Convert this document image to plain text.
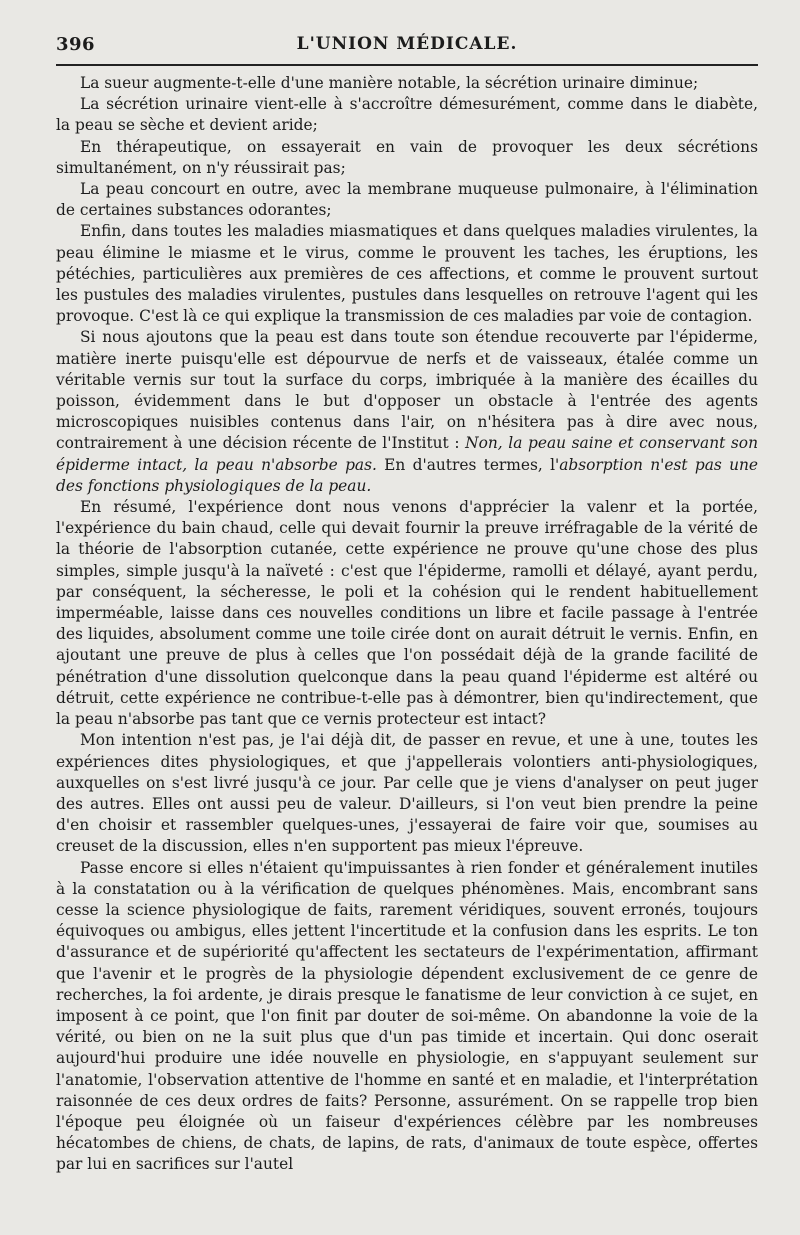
396	L'UNION MÉDICALE.

La sueur augmente-t-elle d'une manière notable, la sécrétion urinaire diminue;

La sécrétion urinaire vient-elle à s'accroître démesurément, comme dans le diabète, la peau se sèche et devient aride;

En thérapeutique, on essayerait en vain de provoquer les deux sécrétions simultanément, on n'y réussirait pas;

La peau concourt en outre, avec la membrane muqueuse pulmonaire, à l'élimination de certaines substances odorantes;

Enfin, dans toutes les maladies miasmatiques et dans quelques maladies virulentes, la peau élimine le miasme et le virus, comme le prouvent les taches, les éruptions, les pétéchies, particulières aux premières de ces affections, et comme le prouvent surtout les pustules des maladies virulentes, pustules dans lesquelles on retrouve l'agent qui les provoque. C'est là ce qui explique la transmission de ces maladies par voie de contagion.

Si nous ajoutons que la peau est dans toute son étendue recouverte par l'épiderme, matière inerte puisqu'elle est dépourvue de nerfs et de vaisseaux, étalée comme un véritable vernis sur tout la surface du corps, imbriquée à la manière des écailles du poisson, évidemment dans le but d'opposer un obstacle à l'entrée des agents microscopiques nuisibles contenus dans l'air, on n'hésitera pas à dire avec nous, contrairement à une décision récente de l'Institut : Non, la peau saine et conservant son épiderme intact, la peau n'absorbe pas. En d'autres termes, l'absorption n'est pas une des fonctions physiologiques de la peau.

En résumé, l'expérience dont nous venons d'apprécier la valenr et la portée, l'expérience du bain chaud, celle qui devait fournir la preuve irréfragable de la vérité de la théorie de l'absorption cutanée, cette expérience ne prouve qu'une chose des plus simples, simple jusqu'à la naïveté : c'est que l'épiderme, ramolli et délayé, ayant perdu, par conséquent, la sécheresse, le poli et la cohésion qui le rendent habituellement imperméable, laisse dans ces nouvelles conditions un libre et facile passage à l'entrée des liquides, absolument comme une toile cirée dont on aurait détruit le vernis. Enfin, en ajoutant une preuve de plus à celles que l'on possédait déjà de la grande facilité de pénétration d'une dissolution quelconque dans la peau quand l'épiderme est altéré ou détruit, cette expérience ne contribue-t-elle pas à démontrer, bien qu'indirectement, que la peau n'absorbe pas tant que ce vernis protecteur est intact?

Mon intention n'est pas, je l'ai déjà dit, de passer en revue, et une à une, toutes les expériences dites physiologiques, et que j'appellerais volontiers anti-physiologiques, auxquelles on s'est livré jusqu'à ce jour. Par celle que je viens d'analyser on peut juger des autres. Elles ont aussi peu de valeur. D'ailleurs, si l'on veut bien prendre la peine d'en choisir et rassembler quelques-unes, j'essayerai de faire voir que, soumises au creuset de la discussion, elles n'en supportent pas mieux l'épreuve.

Passe encore si elles n'étaient qu'impuissantes à rien fonder et généralement inutiles à la constatation ou à la vérification de quelques phénomènes. Mais, encombrant sans cesse la science physiologique de faits, rarement véridiques, souvent erronés, toujours équivoques ou ambigus, elles jettent l'incertitude et la confusion dans les esprits. Le ton d'assurance et de supériorité qu'affectent les sectateurs de l'expérimentation, affirmant que l'avenir et le progrès de la physiologie dépendent exclusivement de ce genre de recherches, la foi ardente, je dirais presque le fanatisme de leur conviction à ce sujet, en imposent à ce point, que l'on finit par douter de soi-même. On abandonne la voie de la vérité, ou bien on ne la suit plus que d'un pas timide et incertain. Qui donc oserait aujourd'hui produire une idée nouvelle en physiologie, en s'appuyant seulement sur l'anatomie, l'observation attentive de l'homme en santé et en maladie, et l'interprétation raisonnée de ces deux ordres de faits? Personne, assurément. On se rappelle trop bien l'époque peu éloignée où un faiseur d'expériences célèbre par les nombreuses hécatombes de chiens, de chats, de lapins, de rats, d'animaux de toute espèce, offertes par lui en sacrifices sur l'autel
